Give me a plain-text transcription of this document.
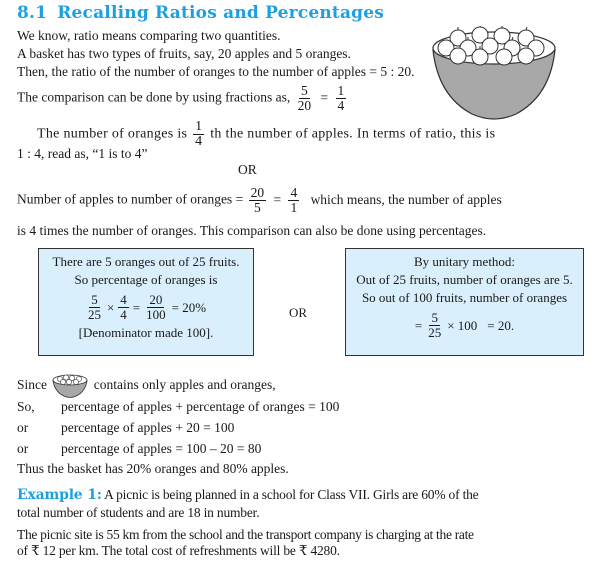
8.1 Recalling Ratios and Percentages
We know, ratio means comparing two quantities.
A basket has two types of fruits, say, 20 apples and 5 oranges.
Then, the ratio of the number of oranges to the number of apples = 5 : 20.
The comparison can be done by using fractions as, $\frac{5}{20} = \frac{1}{4}$
The number of oranges is $\frac{1}{4}$ th the number of apples. In terms of ratio, this is
1 : 4, read as, “1 is to 4”
OR
Number of apples to number of oranges = $\frac{20}{5} = \frac{4}{1}$ which means, the number of apples
is 4 times the number of oranges. This comparison can also be done using percentages.
There are 5 oranges out of 25 fruits.
So percentage of oranges is
$\frac{5}{25} \times \frac{4}{4} = \frac{20}{100} = 20\%$
[Denominator made 100].
OR
By unitary method:
Out of 25 fruits, number of oranges are 5.
So out of 100 fruits, number of oranges
= $\frac{5}{25} \times 100 = 20$.
Since	contains only apples and oranges,
So, percentage of apples + percentage of oranges = 100
or percentage of apples + 20 = 100
or percentage of apples = 100 – 20 = 80
Thus the basket has 20% oranges and 80% apples.
Example 1: A picnic is being planned in a school for Class VII. Girls are 60% of the
total number of students and are 18 in number.
The picnic site is 55 km from the school and the transport company is charging at the rate
of ₹ 12 per km. The total cost of refreshments will be ₹ 4280.
